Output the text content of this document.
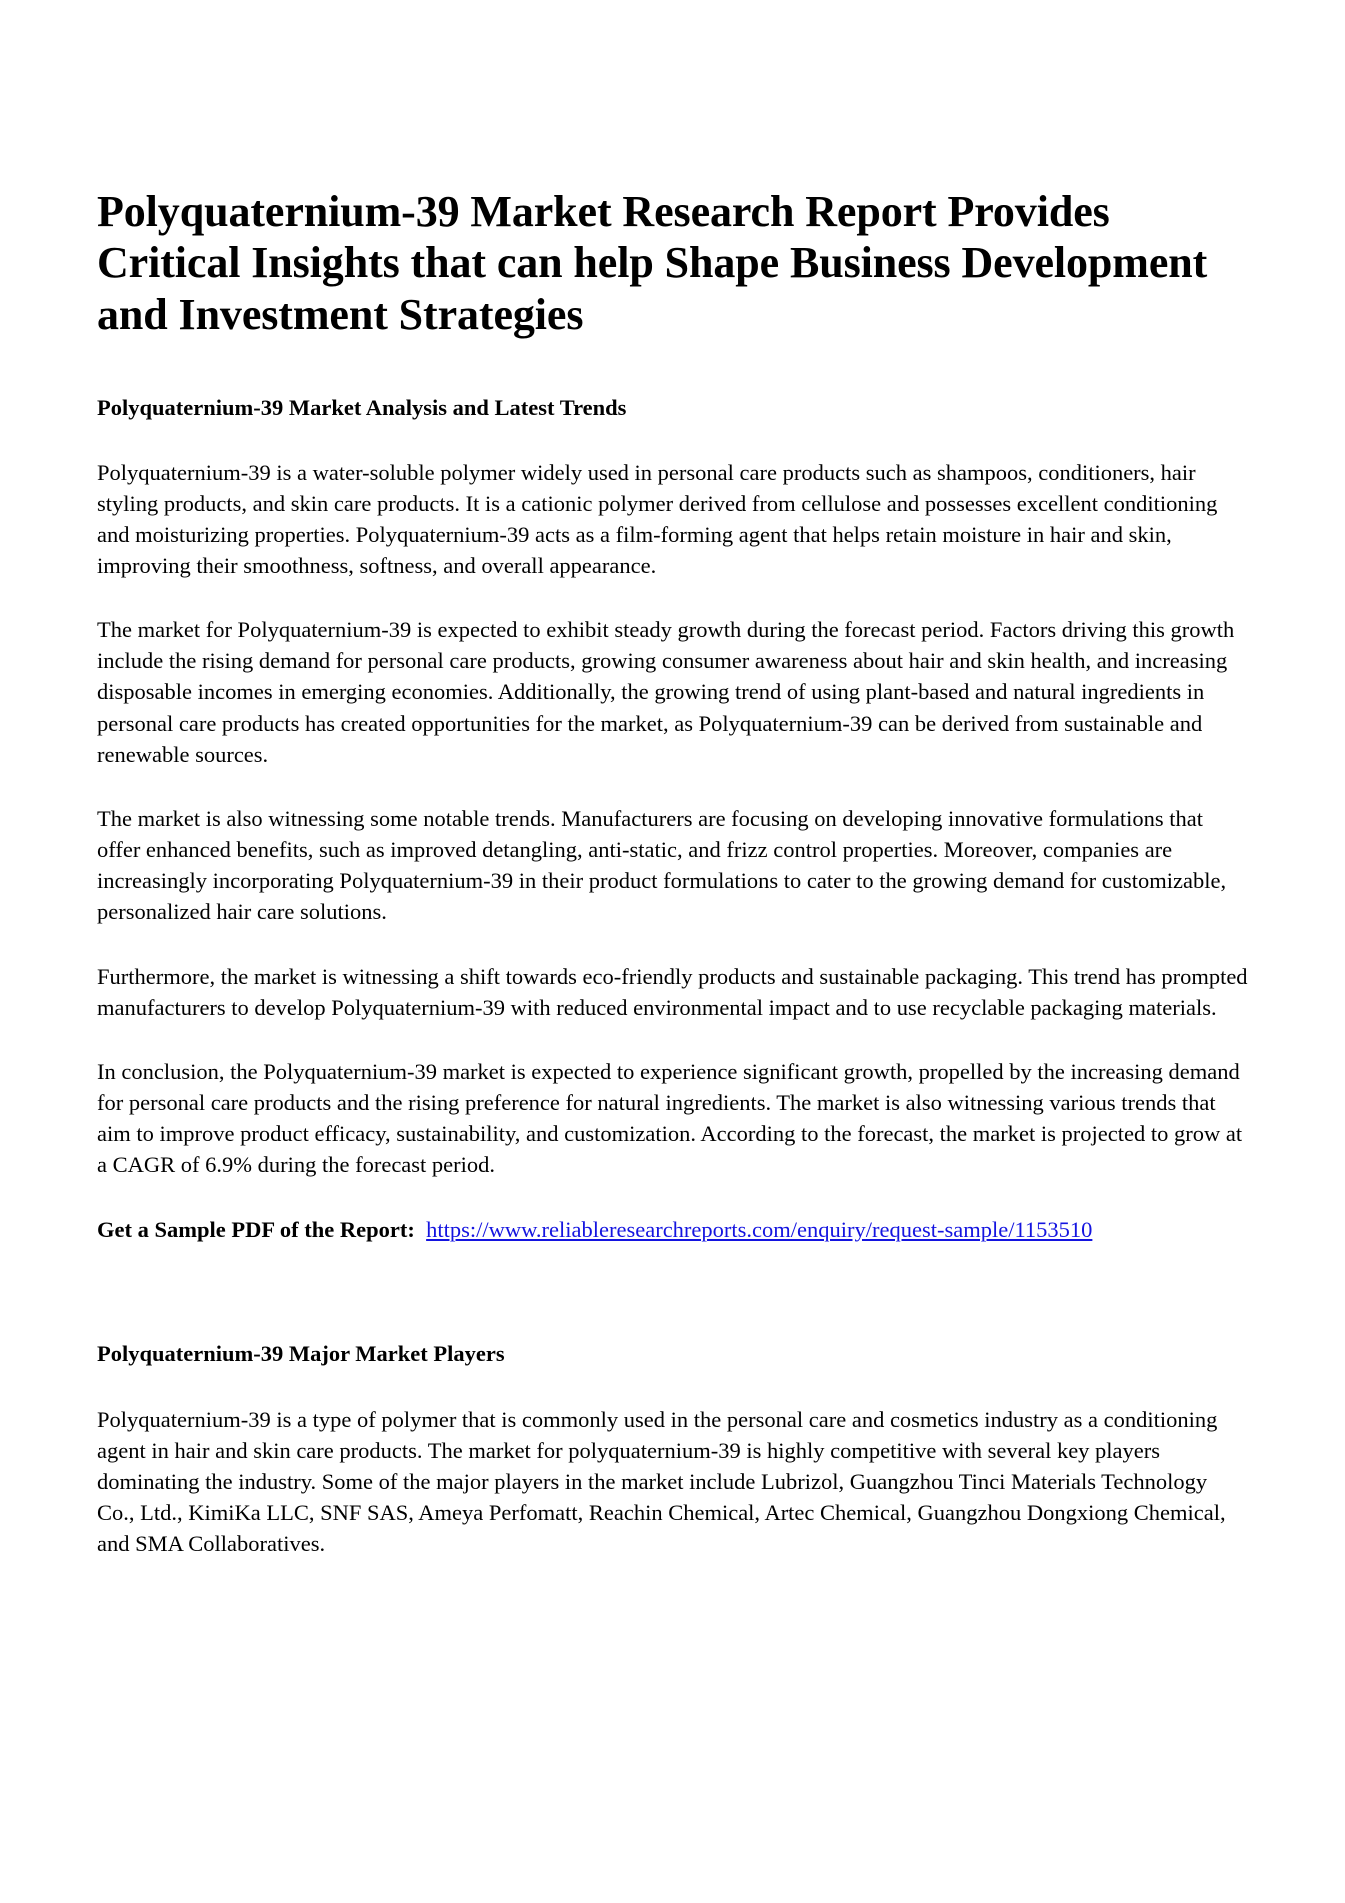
Polyquaternium-39 Market Research Report Provides Critical Insights that can help Shape Business Development and Investment Strategies
Polyquaternium-39 Market Analysis and Latest Trends

Polyquaternium-39 is a water-soluble polymer widely used in personal care products such as shampoos, conditioners, hair styling products, and skin care products. It is a cationic polymer derived from cellulose and possesses excellent conditioning and moisturizing properties. Polyquaternium-39 acts as a film-forming agent that helps retain moisture in hair and skin, improving their smoothness, softness, and overall appearance.

The market for Polyquaternium-39 is expected to exhibit steady growth during the forecast period. Factors driving this growth include the rising demand for personal care products, growing consumer awareness about hair and skin health, and increasing disposable incomes in emerging economies. Additionally, the growing trend of using plant-based and natural ingredients in personal care products has created opportunities for the market, as Polyquaternium-39 can be derived from sustainable and renewable sources.

The market is also witnessing some notable trends. Manufacturers are focusing on developing innovative formulations that offer enhanced benefits, such as improved detangling, anti-static, and frizz control properties. Moreover, companies are increasingly incorporating Polyquaternium-39 in their product formulations to cater to the growing demand for customizable, personalized hair care solutions.

Furthermore, the market is witnessing a shift towards eco-friendly products and sustainable packaging. This trend has prompted manufacturers to develop Polyquaternium-39 with reduced environmental impact and to use recyclable packaging materials.

In conclusion, the Polyquaternium-39 market is expected to experience significant growth, propelled by the increasing demand for personal care products and the rising preference for natural ingredients. The market is also witnessing various trends that aim to improve product efficacy, sustainability, and customization. According to the forecast, the market is projected to grow at a CAGR of 6.9% during the forecast period.

Get a Sample PDF of the Report: https://www.reliableresearchreports.com/enquiry/request-sample/1153510
Polyquaternium-39 Major Market Players

Polyquaternium-39 is a type of polymer that is commonly used in the personal care and cosmetics industry as a conditioning agent in hair and skin care products. The market for polyquaternium-39 is highly competitive with several key players dominating the industry. Some of the major players in the market include Lubrizol, Guangzhou Tinci Materials Technology Co., Ltd., KimiKa LLC, SNF SAS, Ameya Perfomatt, Reachin Chemical, Artec Chemical, Guangzhou Dongxiong Chemical, and SMA Collaboratives.
